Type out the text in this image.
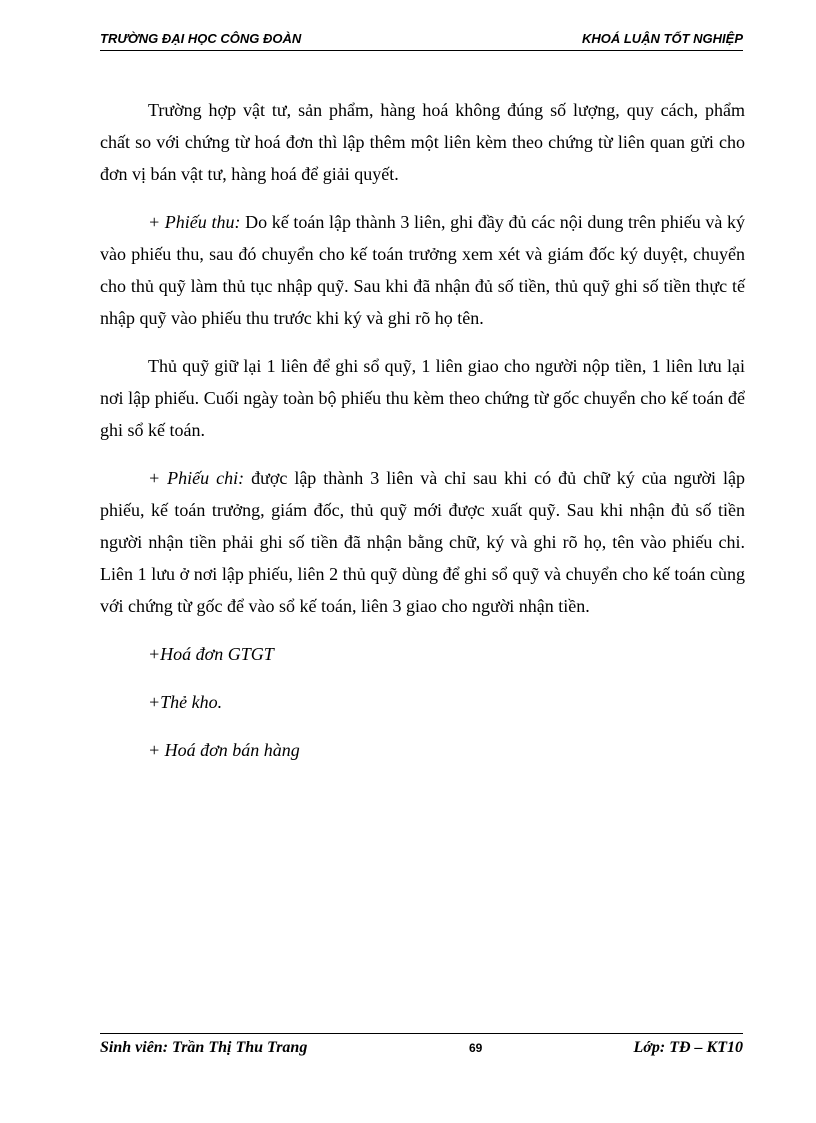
TRƯỜNG ĐẠI HỌC CÔNG ĐOÀN	KHOÁ LUẬN TỐT NGHIỆP

Trường hợp vật tư, sản phẩm, hàng hoá không đúng số lượng, quy cách, phẩm chất so với chứng từ hoá đơn thì lập thêm một liên kèm theo chứng từ liên quan gửi cho đơn vị bán vật tư, hàng hoá để giải quyết.

+ Phiếu thu: Do kế toán lập thành 3 liên, ghi đầy đủ các nội dung trên phiếu và ký vào phiếu thu, sau đó chuyển cho kế toán trưởng xem xét và giám đốc ký duyệt, chuyển cho thủ quỹ làm thủ tục nhập quỹ. Sau khi đã nhận đủ số tiền, thủ quỹ ghi số tiền thực tế nhập quỹ vào phiếu thu trước khi ký và ghi rõ họ tên.

Thủ quỹ giữ lại 1 liên để ghi sổ quỹ, 1 liên giao cho người nộp tiền, 1 liên lưu lại nơi lập phiếu. Cuối ngày toàn bộ phiếu thu kèm theo chứng từ gốc chuyển cho kế toán để ghi sổ kế toán.

+ Phiếu chi: được lập thành 3 liên và chỉ sau khi có đủ chữ ký của người lập phiếu, kế toán trưởng, giám đốc, thủ quỹ mới được xuất quỹ. Sau khi nhận đủ số tiền người nhận tiền phải ghi số tiền đã nhận bằng chữ, ký và ghi rõ họ, tên vào phiếu chi. Liên 1 lưu ở nơi lập phiếu, liên 2 thủ quỹ dùng để ghi sổ quỹ và chuyển cho kế toán cùng với chứng từ gốc để vào sổ kế toán, liên 3 giao cho người nhận tiền.

+Hoá đơn GTGT

+Thẻ kho.

+ Hoá đơn bán hàng

Sinh viên: Trần Thị Thu Trang	69	Lớp: TĐ – KT10
